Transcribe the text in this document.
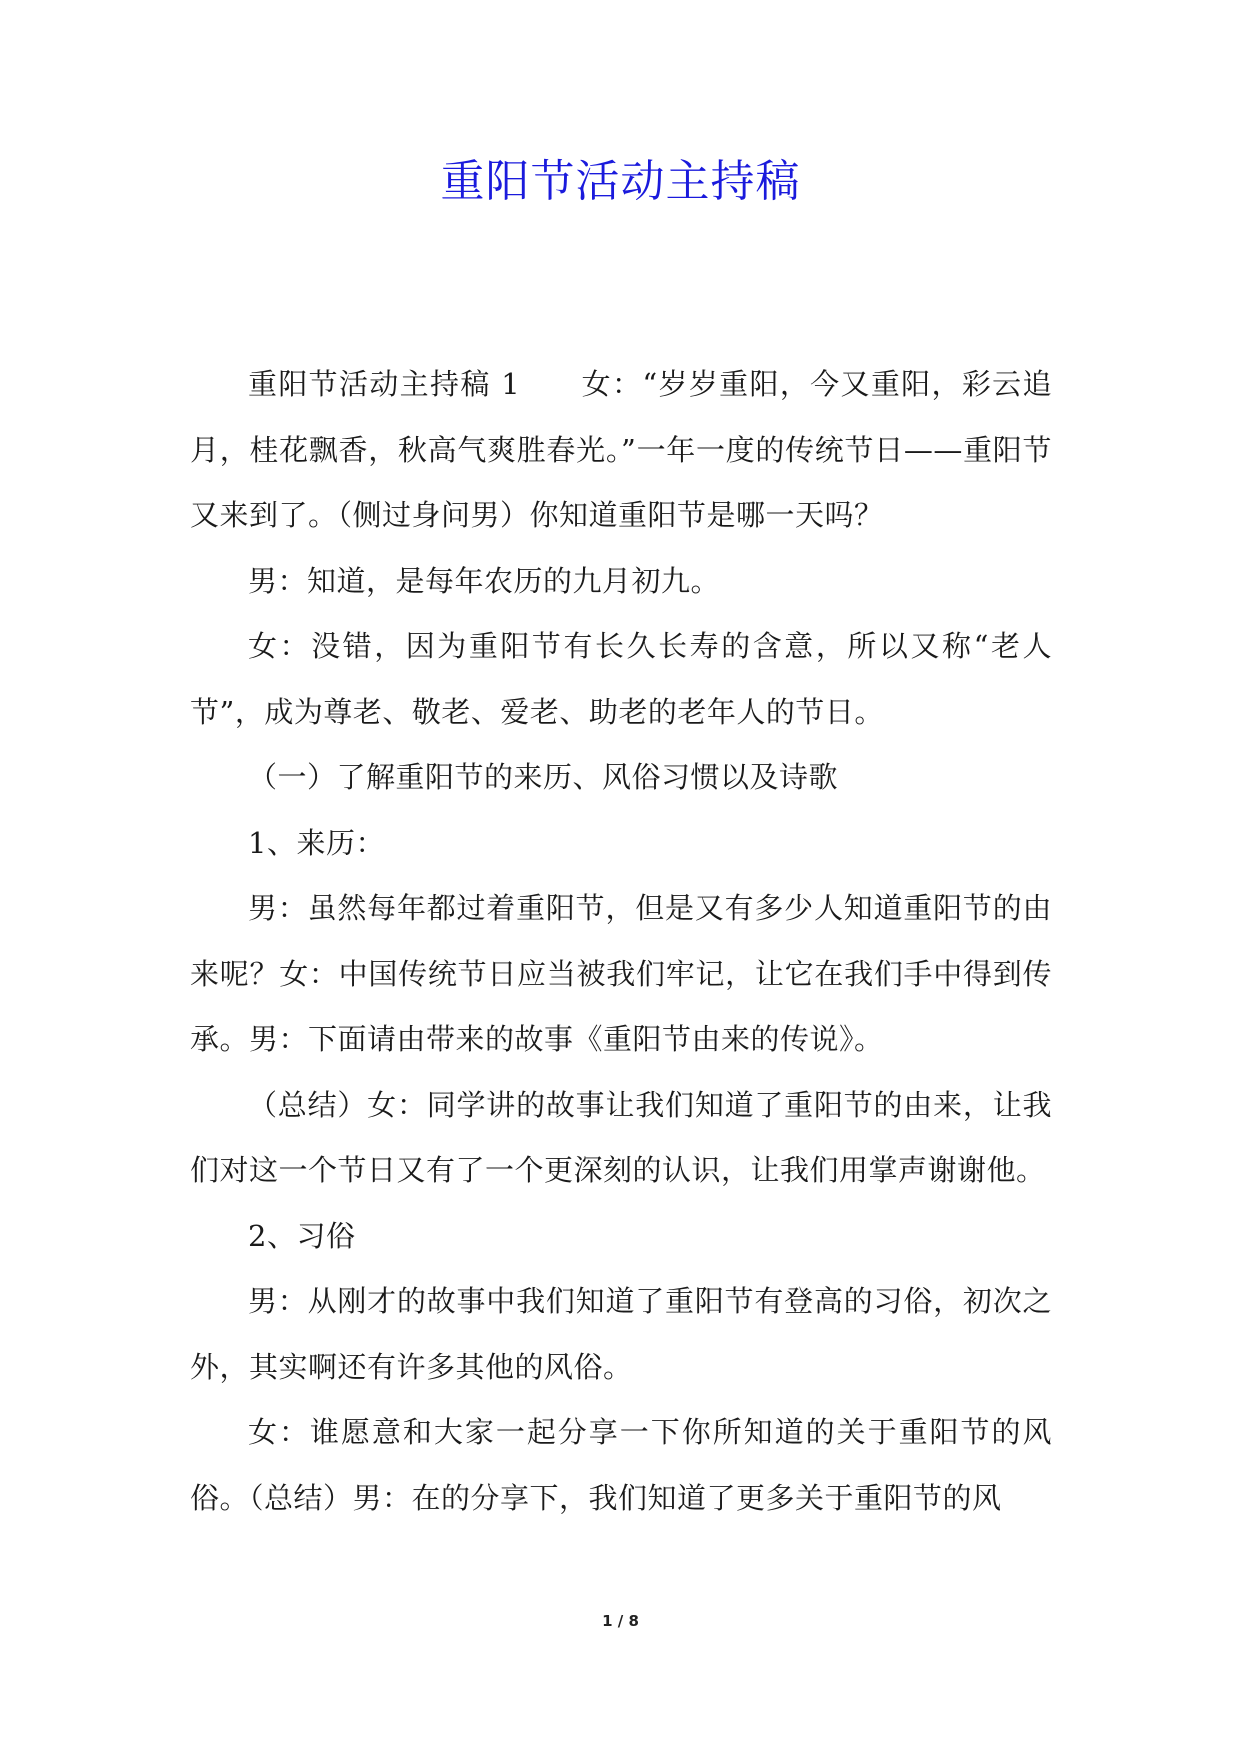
重阳节活动主持稿

重阳节活动主持稿 1　　女：“岁岁重阳，今又重阳，彩云追月，桂花飘香，秋高气爽胜春光。”一年一度的传统节日——重阳节又来到了。（侧过身问男）你知道重阳节是哪一天吗？

男：知道，是每年农历的九月初九。

女：没错，因为重阳节有长久长寿的含意，所以又称“老人节”，成为尊老、敬老、爱老、助老的老年人的节日。

（一）了解重阳节的来历、风俗习惯以及诗歌

1、来历：

男：虽然每年都过着重阳节，但是又有多少人知道重阳节的由来呢？女：中国传统节日应当被我们牢记，让它在我们手中得到传承。男：下面请由带来的故事《重阳节由来的传说》。

（总结）女：同学讲的故事让我们知道了重阳节的由来，让我们对这一个节日又有了一个更深刻的认识，让我们用掌声谢谢他。

2、习俗

男：从刚才的故事中我们知道了重阳节有登高的习俗，初次之外，其实啊还有许多其他的风俗。

女：谁愿意和大家一起分享一下你所知道的关于重阳节的风俗。（总结）男：在的分享下，我们知道了更多关于重阳节的风

1 / 8
